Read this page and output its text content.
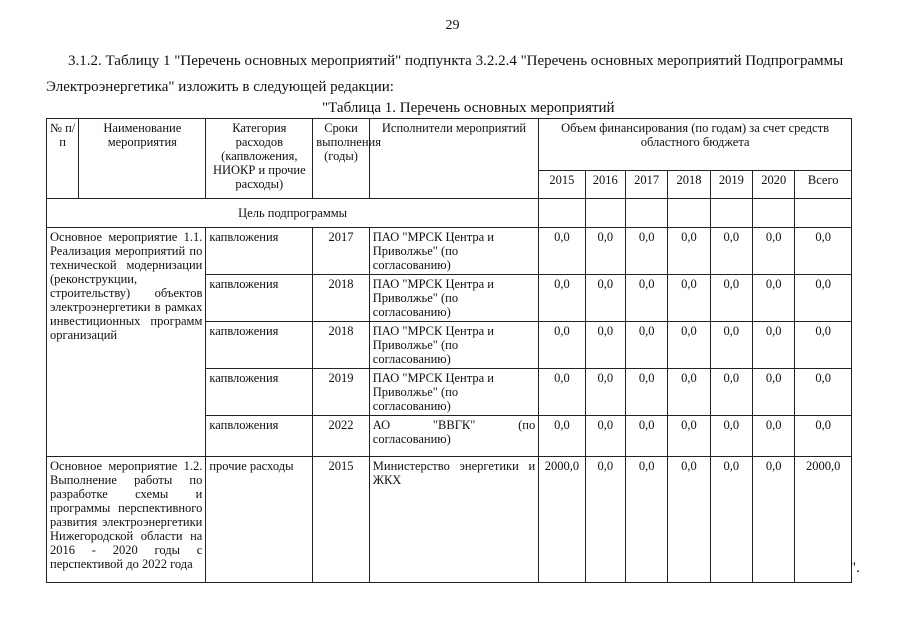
29
3.1.2. Таблицу 1 "Перечень основных мероприятий" подпункта 3.2.2.4 "Перечень основных мероприятий Подпрограммы
Электроэнергетика" изложить в следующей редакции:
"Таблица 1. Перечень основных мероприятий
№ п/п	Наименование мероприятия	Категория расходов (капвложения, НИОКР и прочие расходы)	Сроки выполнения (годы)	Исполнители мероприятий	Объем финансирования (по годам) за счет средств областного бюджета						
					2015	2016	2017	2018	2019	2020	Всего
Цель подпрограммы											
Основное мероприятие 1.1. Реализация мероприятий по технической модернизации (реконструкции, строительству) объектов электроэнергетики в рамках инвестиционных программ организаций		капвложения	2017	ПАО "МРСК Центра и Приволжье" (по согласованию)	0,0	0,0	0,0	0,0	0,0	0,0	0,0
		капвложения	2018	ПАО "МРСК Центра и Приволжье" (по согласованию)	0,0	0,0	0,0	0,0	0,0	0,0	0,0
		капвложения	2018	ПАО "МРСК Центра и Приволжье" (по согласованию)	0,0	0,0	0,0	0,0	0,0	0,0	0,0
		капвложения	2019	ПАО "МРСК Центра и Приволжье" (по согласованию)	0,0	0,0	0,0	0,0	0,0	0,0	0,0
		капвложения	2022	АО "ВВГК" (по согласованию)	0,0	0,0	0,0	0,0	0,0	0,0	0,0
Основное мероприятие 1.2. Выполнение работы по разработке схемы и программы перспективного развития электроэнергетики Нижегородской области на 2016 - 2020 годы с перспективой до 2022 года		прочие расходы	2015	Министерство энергетики и ЖКХ	2000,0	0,0	0,0	0,0	0,0	0,0	2000,0
".
